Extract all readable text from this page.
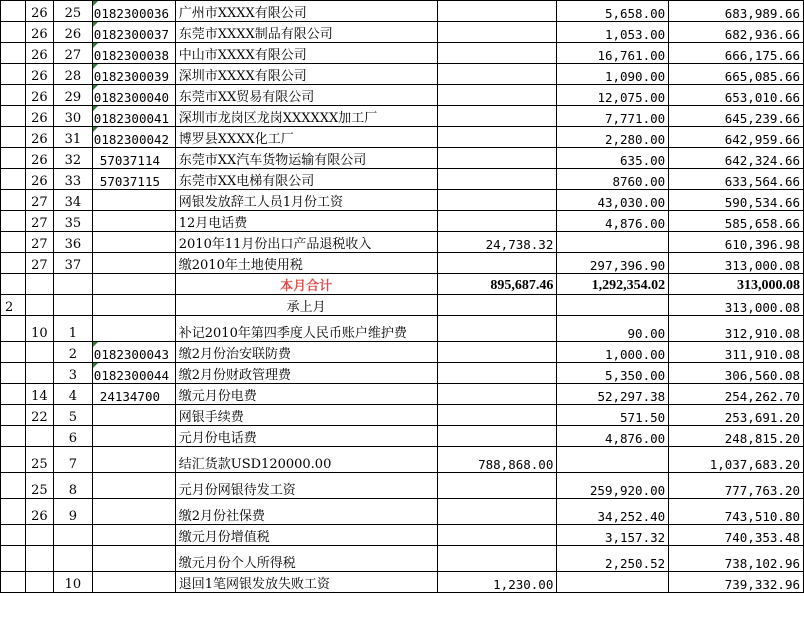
	26	25	0182300036	广州市XXXX有限公司		5,658.00	683,989.66
	26	26	0182300037	东莞市XXXX制品有限公司		1,053.00	682,936.66
	26	27	0182300038	中山市XXXX有限公司		16,761.00	666,175.66
	26	28	0182300039	深圳市XXXX有限公司		1,090.00	665,085.66
	26	29	0182300040	东莞市XX贸易有限公司		12,075.00	653,010.66
	26	30	0182300041	深圳市龙岗区龙岗XXXXXX加工厂		7,771.00	645,239.66
	26	31	0182300042	博罗县XXXX化工厂		2,280.00	642,959.66
	26	32	57037114	东莞市XX汽车货物运输有限公司		635.00	642,324.66
	26	33	57037115	东莞市XX电梯有限公司		8760.00	633,564.66
	27	34		网银发放辞工人员1月份工资		43,030.00	590,534.66
	27	35		12月电话费		4,876.00	585,658.66
	27	36		2010年11月份出口产品退税收入	24,738.32		610,396.98
	27	37		缴2010年土地使用税		297,396.90	313,000.08
				本月合计	895,687.46	1,292,354.02	313,000.08
2				承上月			313,000.08
	10	1		补记2010年第四季度人民币账户维护费		90.00	312,910.08
		2	0182300043	缴2月份治安联防费		1,000.00	311,910.08
		3	0182300044	缴2月份财政管理费		5,350.00	306,560.08
	14	4	24134700	缴元月份电费		52,297.38	254,262.70
	22	5		网银手续费		571.50	253,691.20
		6		元月份电话费		4,876.00	248,815.20
	25	7		结汇货款USD120000.00	788,868.00		1,037,683.20
	25	8		元月份网银待发工资		259,920.00	777,763.20
	26	9		缴2月份社保费		34,252.40	743,510.80
				缴元月份增值税		3,157.32	740,353.48
				缴元月份个人所得税		2,250.52	738,102.96
		10		退回1笔网银发放失败工资	1,230.00		739,332.96
